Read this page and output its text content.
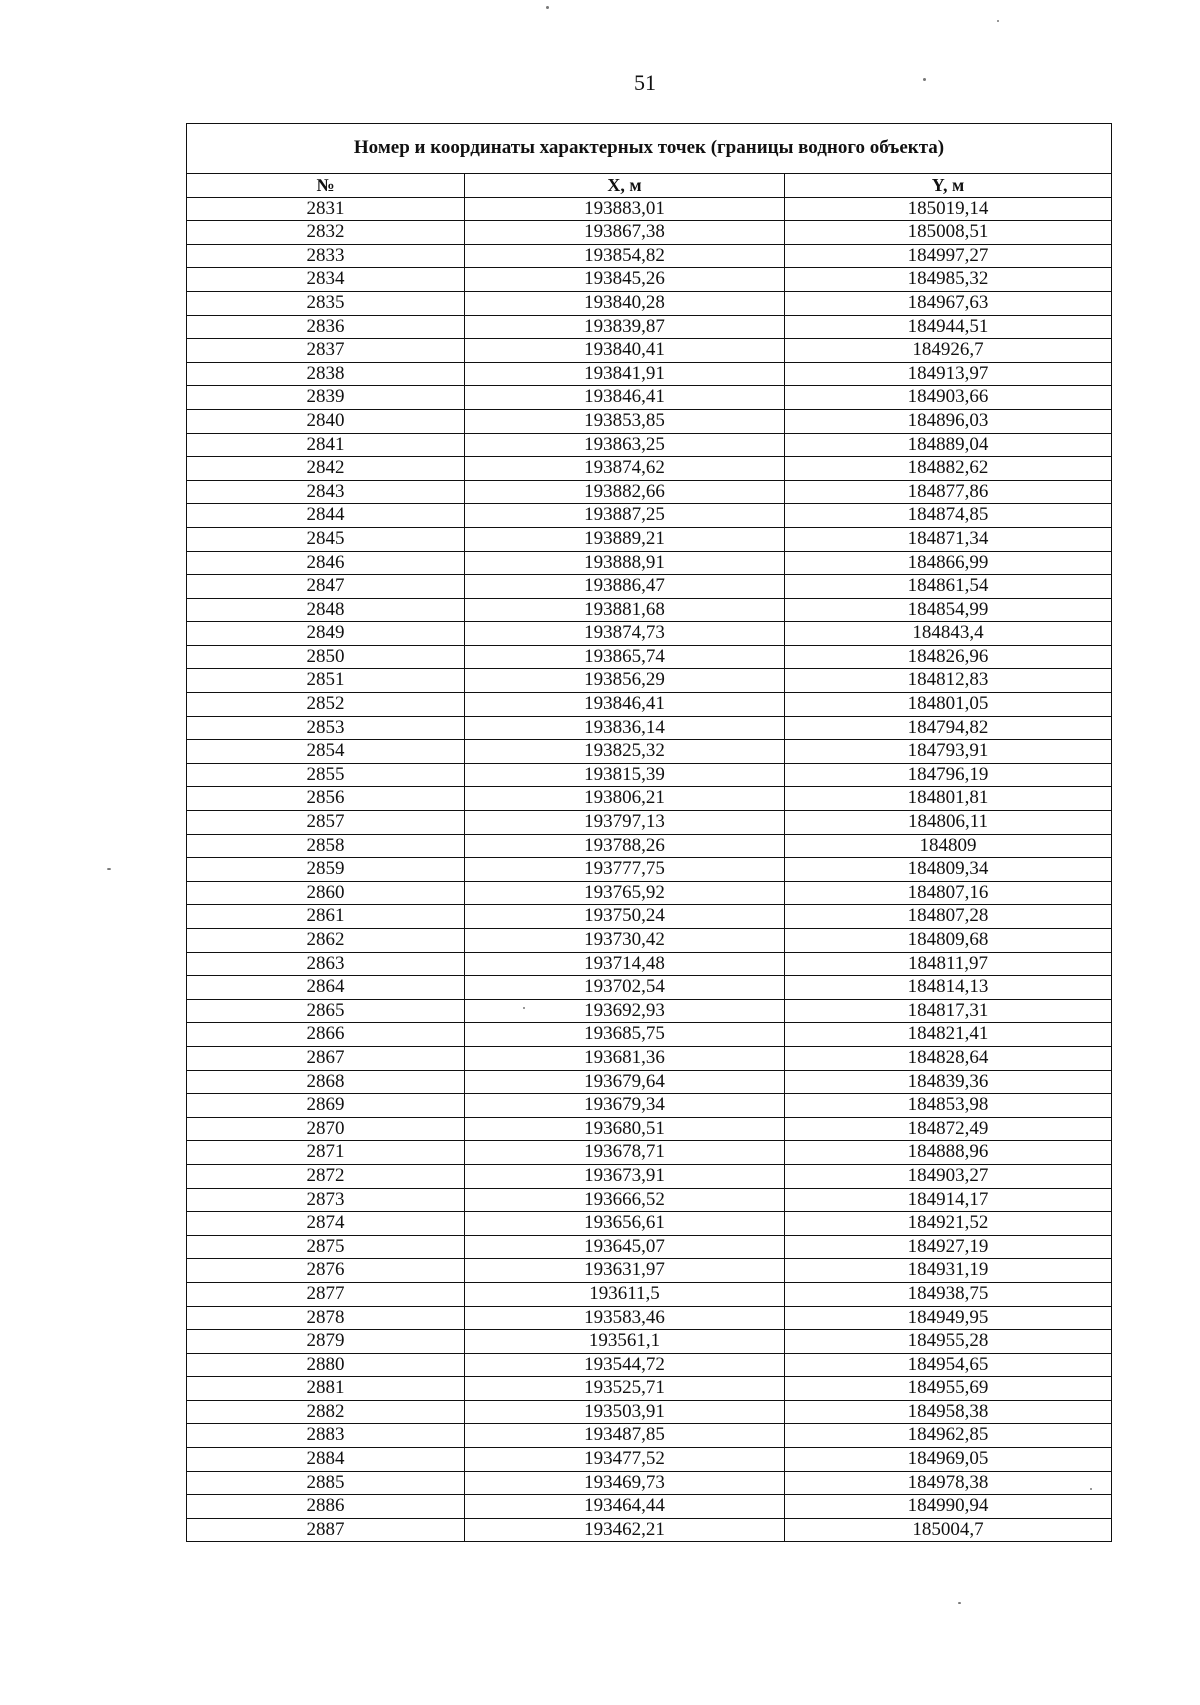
51
Номер и координаты характерных точек (границы водного объекта)		
№	X, м	Y, м
2831	193883,01	185019,14
2832	193867,38	185008,51
2833	193854,82	184997,27
2834	193845,26	184985,32
2835	193840,28	184967,63
2836	193839,87	184944,51
2837	193840,41	184926,7
2838	193841,91	184913,97
2839	193846,41	184903,66
2840	193853,85	184896,03
2841	193863,25	184889,04
2842	193874,62	184882,62
2843	193882,66	184877,86
2844	193887,25	184874,85
2845	193889,21	184871,34
2846	193888,91	184866,99
2847	193886,47	184861,54
2848	193881,68	184854,99
2849	193874,73	184843,4
2850	193865,74	184826,96
2851	193856,29	184812,83
2852	193846,41	184801,05
2853	193836,14	184794,82
2854	193825,32	184793,91
2855	193815,39	184796,19
2856	193806,21	184801,81
2857	193797,13	184806,11
2858	193788,26	184809
2859	193777,75	184809,34
2860	193765,92	184807,16
2861	193750,24	184807,28
2862	193730,42	184809,68
2863	193714,48	184811,97
2864	193702,54	184814,13
2865	193692,93	184817,31
2866	193685,75	184821,41
2867	193681,36	184828,64
2868	193679,64	184839,36
2869	193679,34	184853,98
2870	193680,51	184872,49
2871	193678,71	184888,96
2872	193673,91	184903,27
2873	193666,52	184914,17
2874	193656,61	184921,52
2875	193645,07	184927,19
2876	193631,97	184931,19
2877	193611,5	184938,75
2878	193583,46	184949,95
2879	193561,1	184955,28
2880	193544,72	184954,65
2881	193525,71	184955,69
2882	193503,91	184958,38
2883	193487,85	184962,85
2884	193477,52	184969,05
2885	193469,73	184978,38
2886	193464,44	184990,94
2887	193462,21	185004,7
